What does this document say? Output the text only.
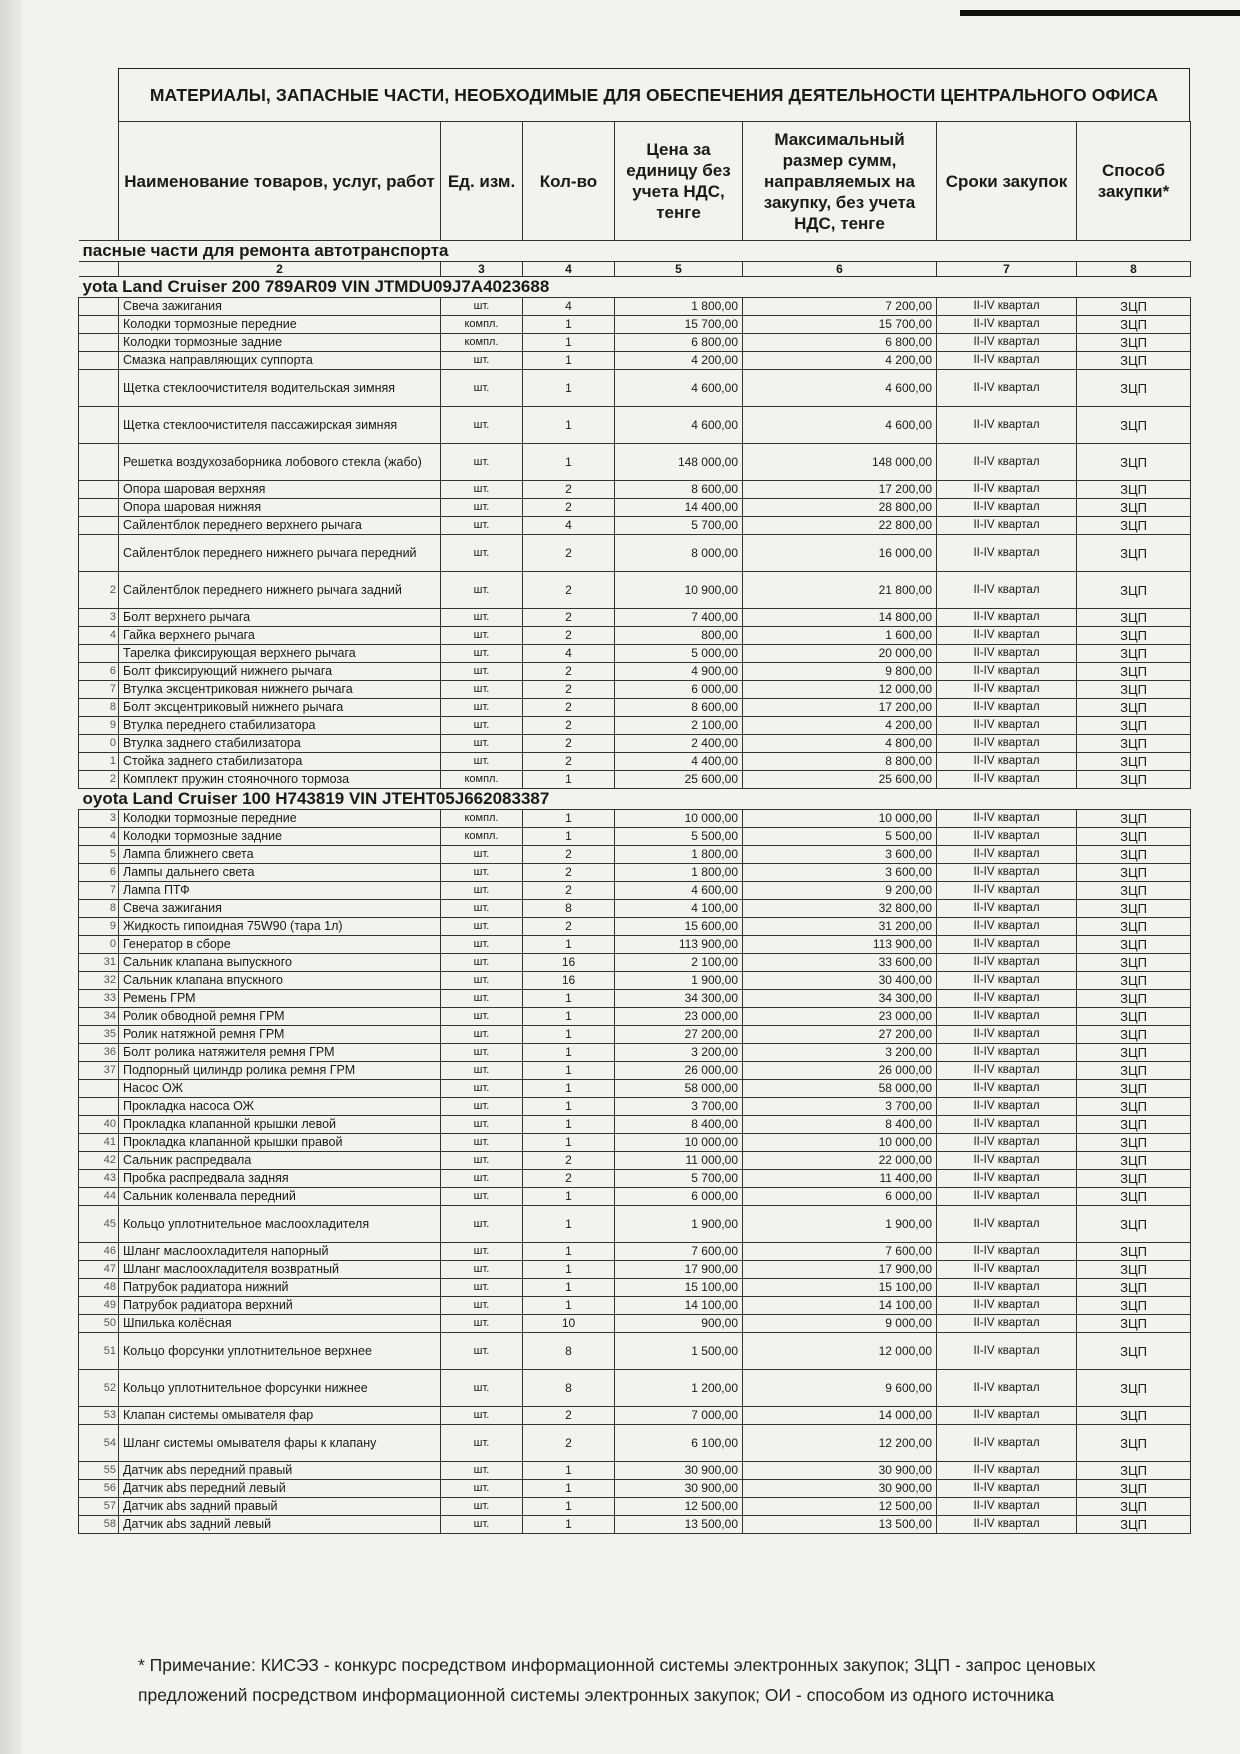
МАТЕРИАЛЫ, ЗАПАСНЫЕ ЧАСТИ, НЕОБХОДИМЫЕ ДЛЯ ОБЕСПЕЧЕНИЯ ДЕЯТЕЛЬНОСТИ ЦЕНТРАЛЬНОГО ОФИСА
	Наименование товаров, услуг, работ	Ед. изм.	Кол-во	Цена за единицу без учета НДС, тенге	Максимальный размер сумм, направляемых на закупку, без учета НДС, тенге	Сроки закупок	Способ закупки*
пасные части для ремонта автотранспорта							
	2	3	4	5	6	7	8
yota Land Cruiser 200 789AR09 VIN JTMDU09J7A4023688							
	Свеча зажигания	шт.	4	1 800,00	7 200,00	II-IV квартал	ЗЦП
	Колодки тормозные передние	компл.	1	15 700,00	15 700,00	II-IV квартал	ЗЦП
	Колодки тормозные задние	компл.	1	6 800,00	6 800,00	II-IV квартал	ЗЦП
	Смазка направляющих суппорта	шт.	1	4 200,00	4 200,00	II-IV квартал	ЗЦП
	Щетка стеклоочистителя водительская зимняя	шт.	1	4 600,00	4 600,00	II-IV квартал	ЗЦП
	Щетка стеклоочистителя пассажирская зимняя	шт.	1	4 600,00	4 600,00	II-IV квартал	ЗЦП
	Решетка воздухозаборника лобового стекла (жабо)	шт.	1	148 000,00	148 000,00	II-IV квартал	ЗЦП
	Опора шаровая верхняя	шт.	2	8 600,00	17 200,00	II-IV квартал	ЗЦП
	Опора шаровая нижняя	шт.	2	14 400,00	28 800,00	II-IV квартал	ЗЦП
	Сайлентблок переднего верхнего рычага	шт.	4	5 700,00	22 800,00	II-IV квартал	ЗЦП
	Сайлентблок переднего нижнего рычага передний	шт.	2	8 000,00	16 000,00	II-IV квартал	ЗЦП
2	Сайлентблок переднего нижнего рычага задний	шт.	2	10 900,00	21 800,00	II-IV квартал	ЗЦП
3	Болт верхнего рычага	шт.	2	7 400,00	14 800,00	II-IV квартал	ЗЦП
4	Гайка верхнего рычага	шт.	2	800,00	1 600,00	II-IV квартал	ЗЦП
	Тарелка фиксирующая верхнего рычага	шт.	4	5 000,00	20 000,00	II-IV квартал	ЗЦП
6	Болт фиксирующий нижнего рычага	шт.	2	4 900,00	9 800,00	II-IV квартал	ЗЦП
7	Втулка эксцентриковая нижнего рычага	шт.	2	6 000,00	12 000,00	II-IV квартал	ЗЦП
8	Болт эксцентриковый нижнего рычага	шт.	2	8 600,00	17 200,00	II-IV квартал	ЗЦП
9	Втулка переднего стабилизатора	шт.	2	2 100,00	4 200,00	II-IV квартал	ЗЦП
0	Втулка заднего стабилизатора	шт.	2	2 400,00	4 800,00	II-IV квартал	ЗЦП
1	Стойка заднего стабилизатора	шт.	2	4 400,00	8 800,00	II-IV квартал	ЗЦП
2	Комплект пружин стояночного тормоза	компл.	1	25 600,00	25 600,00	II-IV квартал	ЗЦП
oyota Land Cruiser 100 H743819 VIN JTEHT05J662083387							
3	Колодки тормозные передние	компл.	1	10 000,00	10 000,00	II-IV квартал	ЗЦП
4	Колодки тормозные задние	компл.	1	5 500,00	5 500,00	II-IV квартал	ЗЦП
5	Лампа ближнего света	шт.	2	1 800,00	3 600,00	II-IV квартал	ЗЦП
6	Лампы дальнего света	шт.	2	1 800,00	3 600,00	II-IV квартал	ЗЦП
7	Лампа ПТФ	шт.	2	4 600,00	9 200,00	II-IV квартал	ЗЦП
8	Свеча зажигания	шт.	8	4 100,00	32 800,00	II-IV квартал	ЗЦП
9	Жидкость гипоидная 75W90 (тара 1л)	шт.	2	15 600,00	31 200,00	II-IV квартал	ЗЦП
0	Генератор в сборе	шт.	1	113 900,00	113 900,00	II-IV квартал	ЗЦП
31	Сальник клапана выпускного	шт.	16	2 100,00	33 600,00	II-IV квартал	ЗЦП
32	Сальник клапана впускного	шт.	16	1 900,00	30 400,00	II-IV квартал	ЗЦП
33	Ремень ГРМ	шт.	1	34 300,00	34 300,00	II-IV квартал	ЗЦП
34	Ролик обводной ремня ГРМ	шт.	1	23 000,00	23 000,00	II-IV квартал	ЗЦП
35	Ролик натяжной ремня ГРМ	шт.	1	27 200,00	27 200,00	II-IV квартал	ЗЦП
36	Болт ролика натяжителя ремня ГРМ	шт.	1	3 200,00	3 200,00	II-IV квартал	ЗЦП
37	Подпорный цилиндр ролика ремня ГРМ	шт.	1	26 000,00	26 000,00	II-IV квартал	ЗЦП
	Насос ОЖ	шт.	1	58 000,00	58 000,00	II-IV квартал	ЗЦП
	Прокладка насоса ОЖ	шт.	1	3 700,00	3 700,00	II-IV квартал	ЗЦП
40	Прокладка клапанной крышки левой	шт.	1	8 400,00	8 400,00	II-IV квартал	ЗЦП
41	Прокладка клапанной крышки правой	шт.	1	10 000,00	10 000,00	II-IV квартал	ЗЦП
42	Сальник распредвала	шт.	2	11 000,00	22 000,00	II-IV квартал	ЗЦП
43	Пробка распредвала задняя	шт.	2	5 700,00	11 400,00	II-IV квартал	ЗЦП
44	Сальник коленвала передний	шт.	1	6 000,00	6 000,00	II-IV квартал	ЗЦП
45	Кольцо уплотнительное маслоохладителя	шт.	1	1 900,00	1 900,00	II-IV квартал	ЗЦП
46	Шланг маслоохладителя напорный	шт.	1	7 600,00	7 600,00	II-IV квартал	ЗЦП
47	Шланг маслоохладителя возвратный	шт.	1	17 900,00	17 900,00	II-IV квартал	ЗЦП
48	Патрубок радиатора нижний	шт.	1	15 100,00	15 100,00	II-IV квартал	ЗЦП
49	Патрубок радиатора верхний	шт.	1	14 100,00	14 100,00	II-IV квартал	ЗЦП
50	Шпилька колёсная	шт.	10	900,00	9 000,00	II-IV квартал	ЗЦП
51	Кольцо форсунки уплотнительное верхнее	шт.	8	1 500,00	12 000,00	II-IV квартал	ЗЦП
52	Кольцо уплотнительное форсунки нижнее	шт.	8	1 200,00	9 600,00	II-IV квартал	ЗЦП
53	Клапан системы омывателя фар	шт.	2	7 000,00	14 000,00	II-IV квартал	ЗЦП
54	Шланг системы омывателя фары к клапану	шт.	2	6 100,00	12 200,00	II-IV квартал	ЗЦП
55	Датчик abs передний правый	шт.	1	30 900,00	30 900,00	II-IV квартал	ЗЦП
56	Датчик abs передний левый	шт.	1	30 900,00	30 900,00	II-IV квартал	ЗЦП
57	Датчик abs задний правый	шт.	1	12 500,00	12 500,00	II-IV квартал	ЗЦП
58	Датчик abs задний левый	шт.	1	13 500,00	13 500,00	II-IV квартал	ЗЦП
* Примечание: КИСЭЗ - конкурс посредством информационной системы электронных закупок; ЗЦП - запрос ценовых предложений посредством информационной системы электронных закупок; ОИ - способом из одного источника
